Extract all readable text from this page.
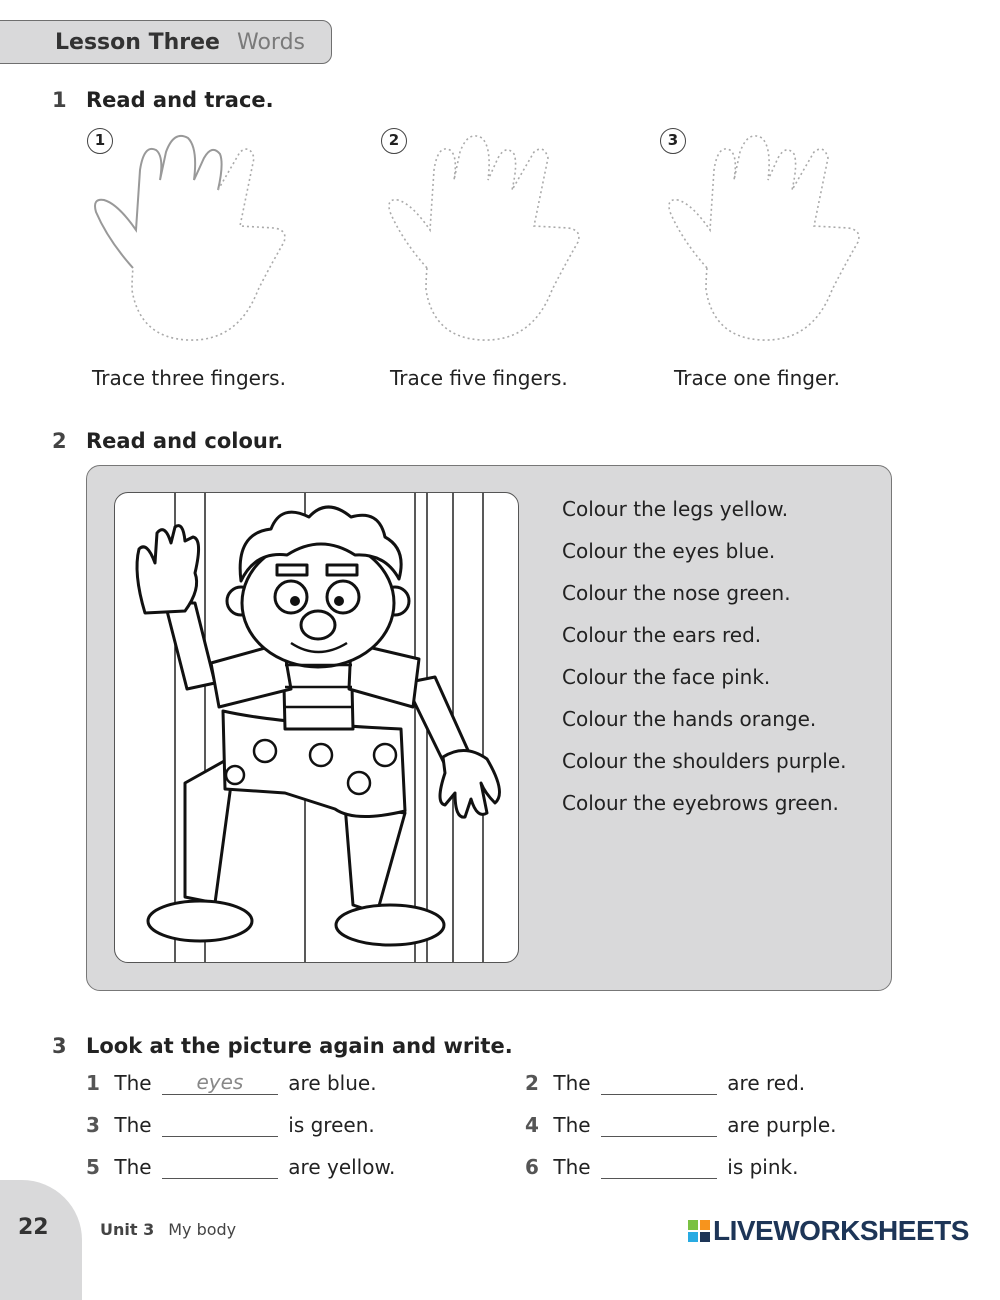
Lesson Three Words
1 Read and trace.
1
Trace three fingers.
2
Trace five fingers.
3
Trace one finger.
2 Read and colour.
Colour the legs yellow.
Colour the eyes blue.
Colour the nose green.
Colour the ears red.
Colour the face pink.
Colour the hands orange.
Colour the shoulders purple.
Colour the eyebrows green.
3 Look at the picture again and write.
1 The eyes are blue.	2 The	are red.
3 The	is green.	4 The	are purple.
5 The	are yellow.	6 The	is pink.
22	Unit 3 My body	LIVEWORKSHEETS
